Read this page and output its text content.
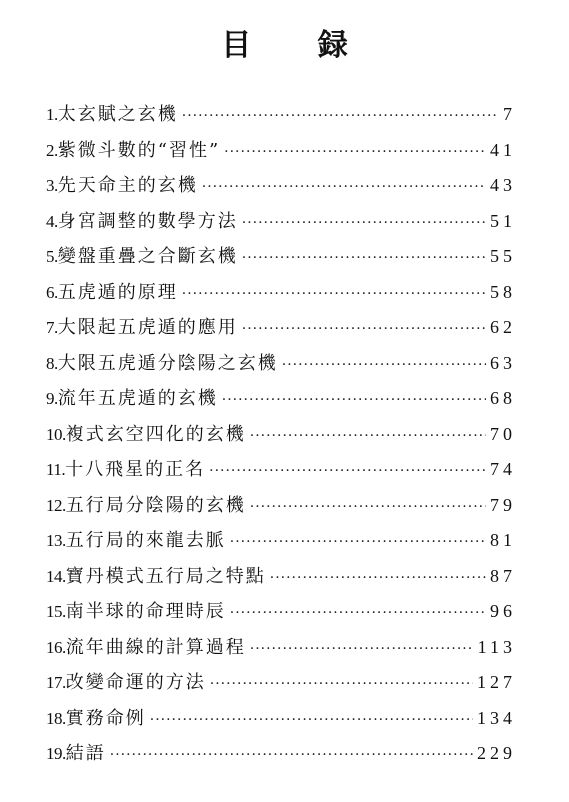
目 録
1. 太玄賦之玄機 ·····	7
2. 紫微斗數的“習性” ·····	41
3. 先天命主的玄機 ·····	43
4. 身宮調整的數學方法 ·····	51
5. 變盤重疊之合斷玄機 ·····	55
6. 五虎遁的原理 ·····	58
7. 大限起五虎遁的應用 ·····	62
8. 大限五虎遁分陰陽之玄機 ·····	63
9. 流年五虎遁的玄機 ·····	68
10. 複式玄空四化的玄機 ·····	70
11. 十八飛星的正名 ·····	74
12. 五行局分陰陽的玄機 ·····	79
13. 五行局的來龍去脈 ·····	81
14. 寶丹模式五行局之特點 ·····	87
15. 南半球的命理時辰 ·····	96
16. 流年曲線的計算過程 ·····	113
17. 改變命運的方法 ·····	127
18. 實務命例 ·····	134
19. 結語 ·····	229
